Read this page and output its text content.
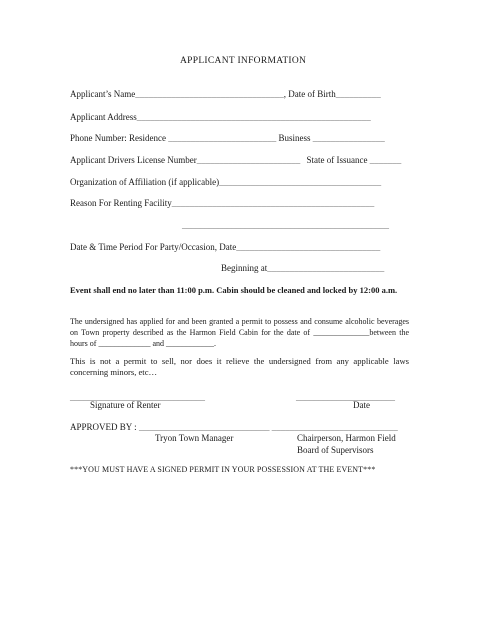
APPLICANT INFORMATION
Applicant’s Name_________________________________, Date of Birth__________
Applicant Address____________________________________________________
Phone Number: Residence ________________________ Business ________________
Applicant Drivers License Number_______________________ State of Issuance _______
Organization of Affiliation (if applicable)____________________________________
Reason For Renting Facility_____________________________________________
______________________________________________
Date & Time Period For Party/Occasion, Date________________________________
Beginning at__________________________
Event shall end no later than 11:00 p.m. Cabin should be cleaned and locked by 12:00 a.m.
The undersigned has applied for and been granted a permit to possess and consume alcoholic beverages on Town property described as the Harmon Field Cabin for the date of ______________between the hours of _____________ and ____________.
This is not a permit to sell, nor does it relieve the undersigned from any applicable laws concerning minors, etc…
______________________________	______________________
Signature of Renter	Date
APPROVED BY : _____________________________ ____________________________
Tryon Town Manager	Chairperson, Harmon Field
Board of Supervisors
***YOU MUST HAVE A SIGNED PERMIT IN YOUR POSSESSION AT THE EVENT***
